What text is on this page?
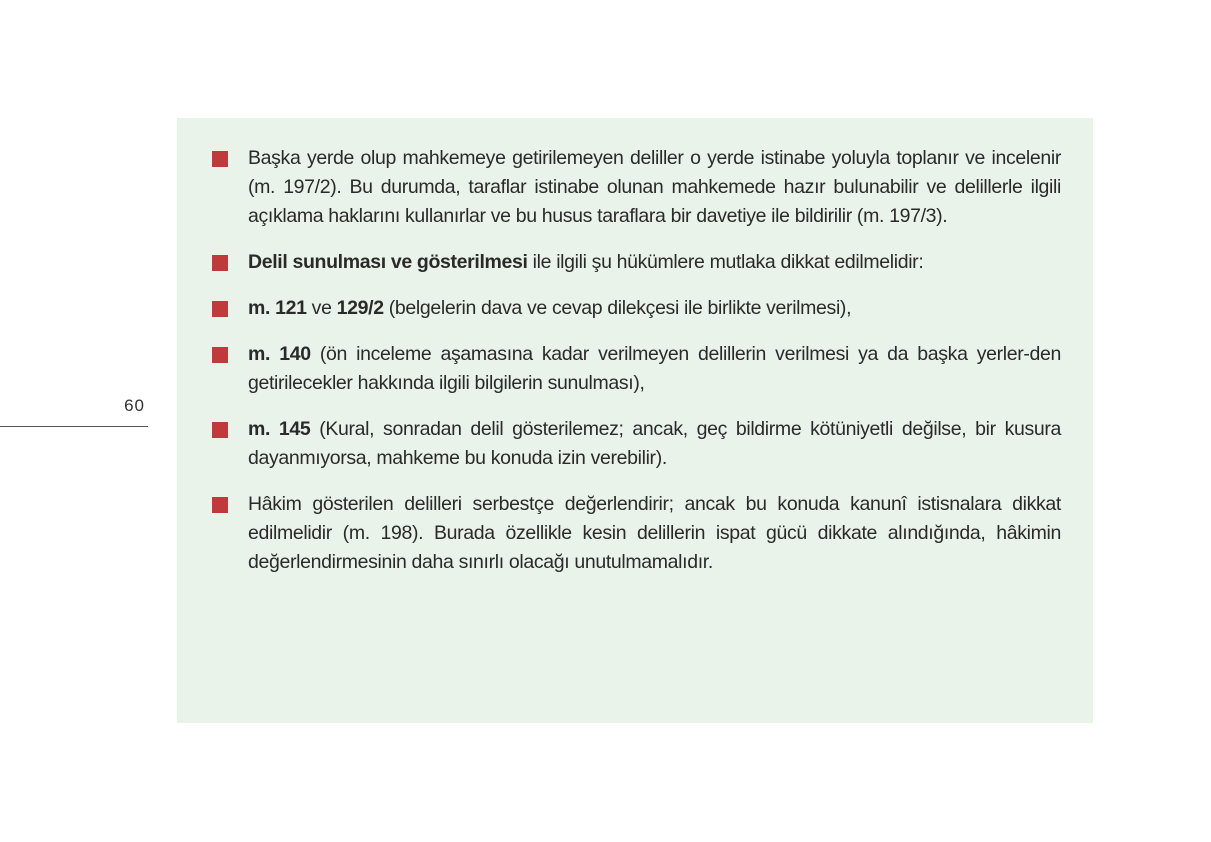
60
Başka yerde olup mahkemeye getirilemeyen deliller o yerde istinabe yoluyla toplanır ve incelenir (m. 197/2). Bu durumda, taraflar istinabe olunan mahkemede hazır bulunabilir ve delillerle ilgili açıklama haklarını kullanırlar ve bu husus taraflara bir davetiye ile bildirilir (m. 197/3).
Delil sunulması ve gösterilmesi ile ilgili şu hükümlere mutlaka dikkat edilmelidir:
m. 121 ve 129/2 (belgelerin dava ve cevap dilekçesi ile birlikte verilmesi),
m. 140 (ön inceleme aşamasına kadar verilmeyen delillerin verilmesi ya da başka yerler-den getirilecekler hakkında ilgili bilgilerin sunulması),
m. 145 (Kural, sonradan delil gösterilemez; ancak, geç bildirme kötüniyetli değilse, bir kusura dayanmıyorsa, mahkeme bu konuda izin verebilir).
Hâkim gösterilen delilleri serbestçe değerlendirir; ancak bu konuda kanunî istisnalara dikkat edilmelidir (m. 198). Burada özellikle kesin delillerin ispat gücü dikkate alındığında, hâkimin değerlendirmesinin daha sınırlı olacağı unutulmamalıdır.
